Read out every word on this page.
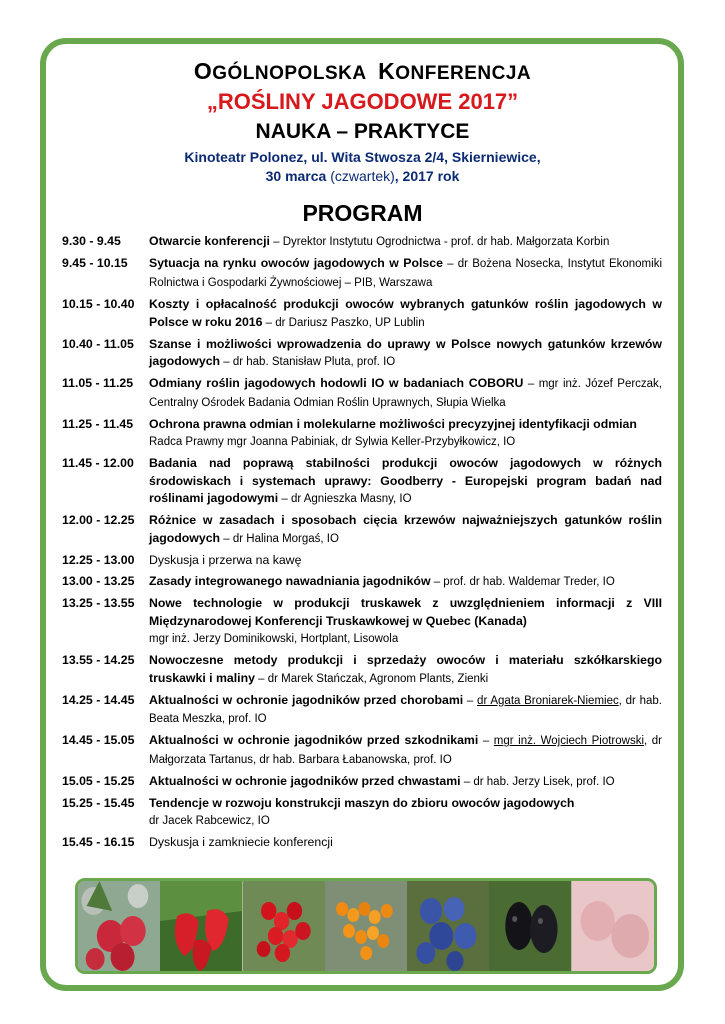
OGÓLNOPOLSKA KONFERENCJA
„ROŚLINY JAGODOWE 2017”
NAUKA – PRAKTYCE
Kinoteatr Polonez, ul. Wita Stwosza 2/4, Skierniewice,
30 marca (czwartek), 2017 rok
PROGRAM
9.30 - 9.45	Otwarcie konferencji – Dyrektor Instytutu Ogrodnictwa - prof. dr hab. Małgorzata Korbin
9.45 - 10.15	Sytuacja na rynku owoców jagodowych w Polsce – dr Bożena Nosecka, Instytut Ekonomiki Rolnictwa i Gospodarki Żywnościowej – PIB, Warszawa
10.15 - 10.40	Koszty i opłacalność produkcji owoców wybranych gatunków roślin jagodowych w Polsce w roku 2016 – dr Dariusz Paszko, UP Lublin
10.40 - 11.05	Szanse i możliwości wprowadzenia do uprawy w Polsce nowych gatunków krzewów jagodowych – dr hab. Stanisław Pluta, prof. IO
11.05 - 11.25	Odmiany roślin jagodowych hodowli IO w badaniach COBORU – mgr inż. Józef Perczak, Centralny Ośrodek Badania Odmian Roślin Uprawnych, Słupia Wielka
11.25 - 11.45	Ochrona prawna odmian i molekularne możliwości precyzyjnej identyfikacji odmian
Radca Prawny mgr Joanna Pabiniak, dr Sylwia Keller-Przybyłkowicz, IO
11.45 - 12.00	Badania nad poprawą stabilności produkcji owoców jagodowych w różnych środowiskach i systemach uprawy: Goodberry - Europejski program badań nad roślinami jagodowymi – dr Agnieszka Masny, IO
12.00 - 12.25	Różnice w zasadach i sposobach cięcia krzewów najważniejszych gatunków roślin jagodowych – dr Halina Morgaś, IO
12.25 - 13.00	Dyskusja i przerwa na kawę
13.00 - 13.25	Zasady integrowanego nawadniania jagodników – prof. dr hab. Waldemar Treder, IO
13.25 - 13.55	Nowe technologie w produkcji truskawek z uwzględnieniem informacji z VIII Międzynarodowej Konferencji Truskawkowej w Quebec (Kanada)
mgr inż. Jerzy Dominikowski, Hortplant, Lisowola
13.55 - 14.25	Nowoczesne metody produkcji i sprzedaży owoców i materiału szkółkarskiego truskawki i maliny – dr Marek Stańczak, Agronom Plants, Zienki
14.25 - 14.45	Aktualności w ochronie jagodników przed chorobami – dr Agata Broniarek-Niemiec, dr hab. Beata Meszka, prof. IO
14.45 - 15.05	Aktualności w ochronie jagodników przed szkodnikami – mgr inż. Wojciech Piotrowski, dr Małgorzata Tartanus, dr hab. Barbara Łabanowska, prof. IO
15.05 - 15.25	Aktualności w ochronie jagodników przed chwastami – dr hab. Jerzy Lisek, prof. IO
15.25 - 15.45	Tendencje w rozwoju konstrukcji maszyn do zbioru owoców jagodowych
dr Jacek Rabcewicz, IO
15.45 - 16.15	Dyskusja i zamkniecie konferencji
